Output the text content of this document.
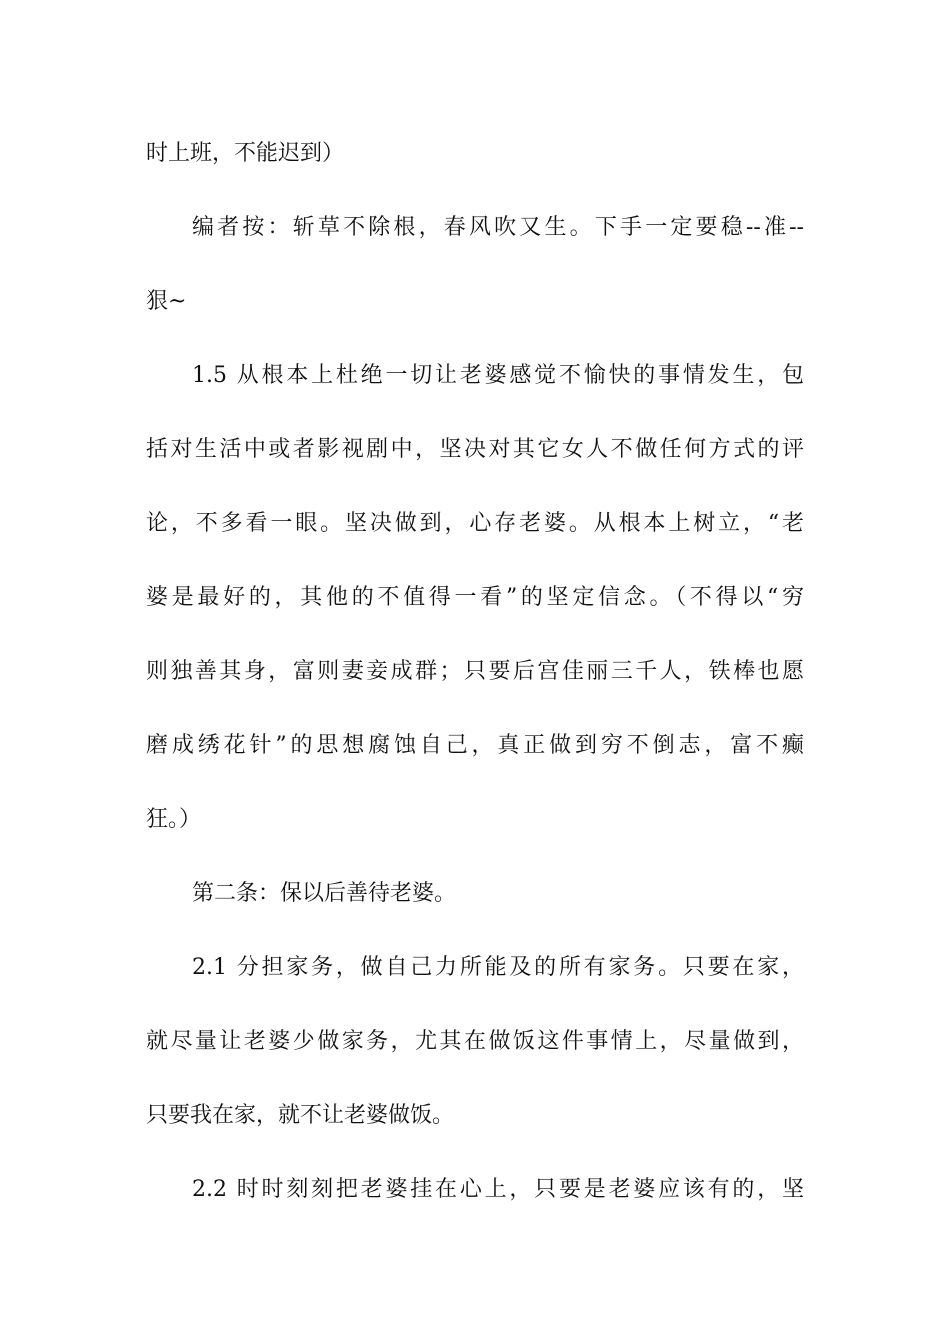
时上班，不能迟到）
编者按：斩草不除根，春风吹又生。下手一定要稳--准--
狠~
1.5 从根本上杜绝一切让老婆感觉不愉快的事情发生，包
括对生活中或者影视剧中，坚决对其它女人不做任何方式的评
论，不多看一眼。坚决做到，心存老婆。从根本上树立，“老
婆是最好的，其他的不值得一看”的坚定信念。（不得以“穷
则独善其身，富则妻妾成群；只要后宫佳丽三千人，铁棒也愿
磨成绣花针”的思想腐蚀自己，真正做到穷不倒志，富不癫
狂。）
第二条：保以后善待老婆。
2.1 分担家务，做自己力所能及的所有家务。只要在家，
就尽量让老婆少做家务，尤其在做饭这件事情上，尽量做到，
只要我在家，就不让老婆做饭。
2.2 时时刻刻把老婆挂在心上，只要是老婆应该有的，坚
